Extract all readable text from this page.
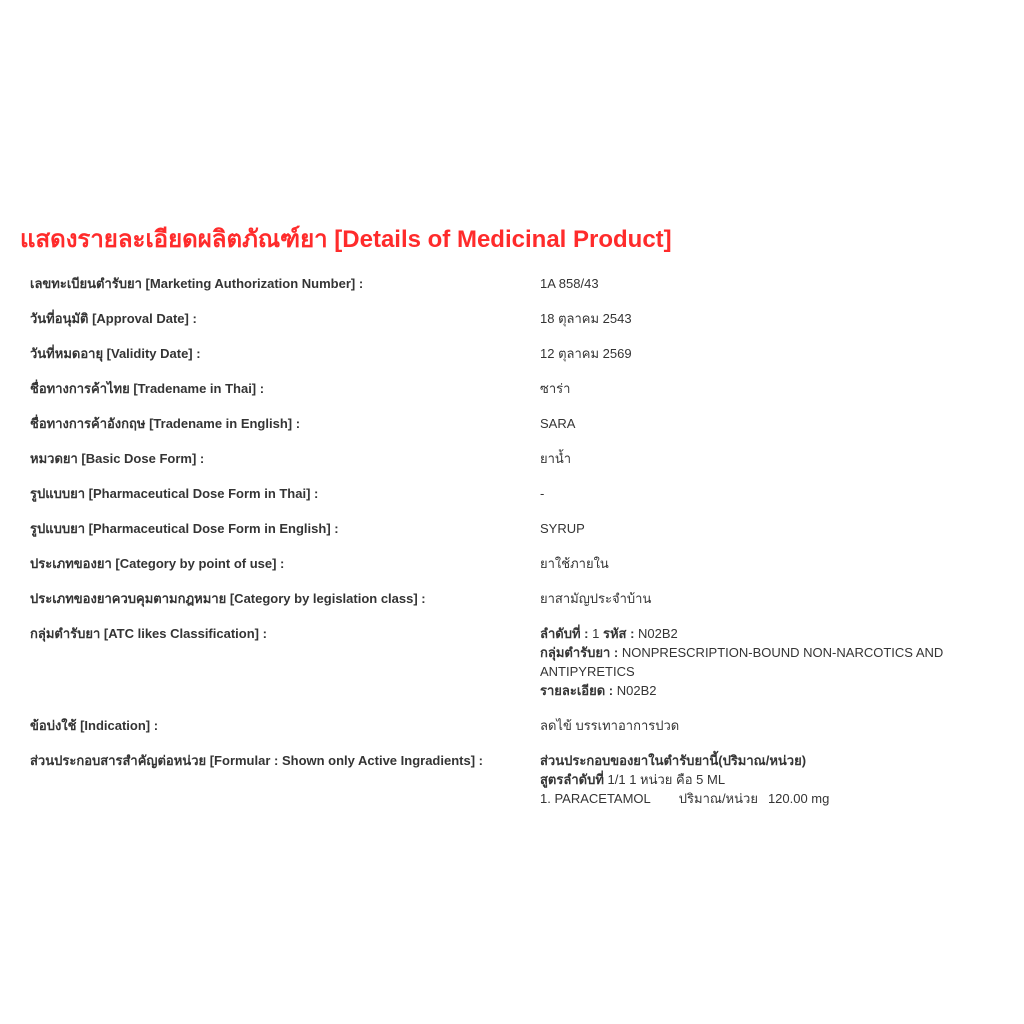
แสดงรายละเอียดผลิตภัณฑ์ยา [Details of Medicinal Product]
เลขทะเบียนตำรับยา [Marketing Authorization Number] :	1A 858/43
วันที่อนุมัติ [Approval Date] :	18 ตุลาคม 2543
วันที่หมดอายุ [Validity Date] :	12 ตุลาคม 2569
ชื่อทางการค้าไทย [Tradename in Thai] :	ซาร่า
ชื่อทางการค้าอังกฤษ [Tradename in English] :	SARA
หมวดยา [Basic Dose Form] :	ยาน้ำ
รูปแบบยา [Pharmaceutical Dose Form in Thai] :	-
รูปแบบยา [Pharmaceutical Dose Form in English] :	SYRUP
ประเภทของยา [Category by point of use] :	ยาใช้ภายใน
ประเภทของยาควบคุมตามกฎหมาย [Category by legislation class] :	ยาสามัญประจำบ้าน
กลุ่มตำรับยา [ATC likes Classification] :	ลำดับที่ : 1 รหัส : N02B2
กลุ่มตำรับยา : NONPRESCRIPTION-BOUND NON-NARCOTICS AND ANTIPYRETICS
รายละเอียด : N02B2
ข้อบ่งใช้ [Indication] :	ลดไข้ บรรเทาอาการปวด
ส่วนประกอบสารสำคัญต่อหน่วย [Formular : Shown only Active Ingradients] :	ส่วนประกอบของยาในตำรับยานี้(ปริมาณ/หน่วย)
สูตรลำดับที่ 1/1 1 หน่วย คือ 5 ML
1. PARACETAMOL ปริมาณ/หน่วย 120.00 mg
